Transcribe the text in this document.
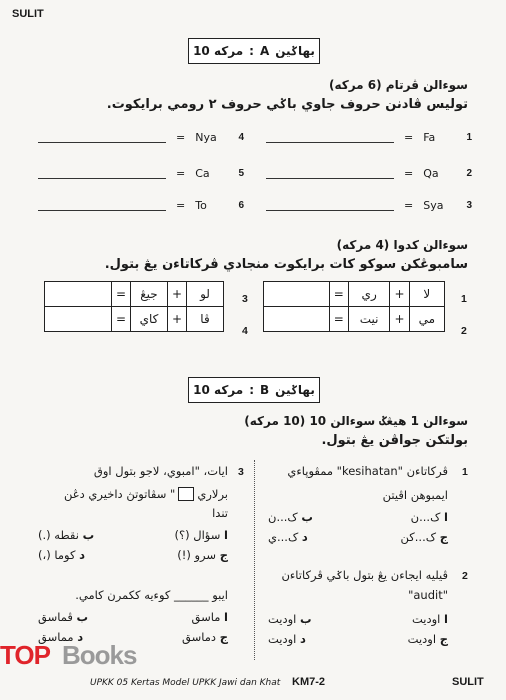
SULIT
10 مرکه : A بهاݢين
سوءالن ڤرتام (6 مرکه)
توليس ڤادنن حروف جاوي باݢي حروف ٢ رومي برايکوت.
= Fa	1
= Qa	2
= Sya	3
= Nya	4
= Ca	5
= To	6
سوءالن کدوا (4 مرکه)
سامبوڠکن سوکو کات برايکوت منجادي ڤرکاتاءن يڠ بتول.
1
2
3
4
	=	ري	+	لا
	=	نيت	+	مي
	=	جيڠ	+	لو
	=	کاي	+	ڤا
10 مرکه : B بهاݢين
سوءالن 1 هيڠݢ سوءالن 10 (10 مرکه)
بولتکن جواڤن يڠ بتول.
1
ڤرکاتاءن "kesihatan" ممڤوڽاءي
ايمبوهن اڤيتن
ا ک...ن
ب ک...ن
ج ک...کن
د ک...ي
2
ڤيليه ايجاءن يڠ بتول باݢي ڤرکاتاءن
"audit"
ا اوديت
ب اوديت
ج اوديت
د اوديت
3
ايات، "امبوي، لاجو بتول اوق
برلاري
" سڤاتوتڽ داخيري دڠن
تندا
ا سؤال (؟)
ب نقطه (.)
ج سرو (!)
د کوما (،)
ايبو ______ کوءيه ککمرن کامي.
ا ماسق
ب ڤماسق
ج دماسق
د مماسق
TOP Books
UPKK 05 Kertas Model UPKK Jawi dan Khat KM7-2	SULIT
